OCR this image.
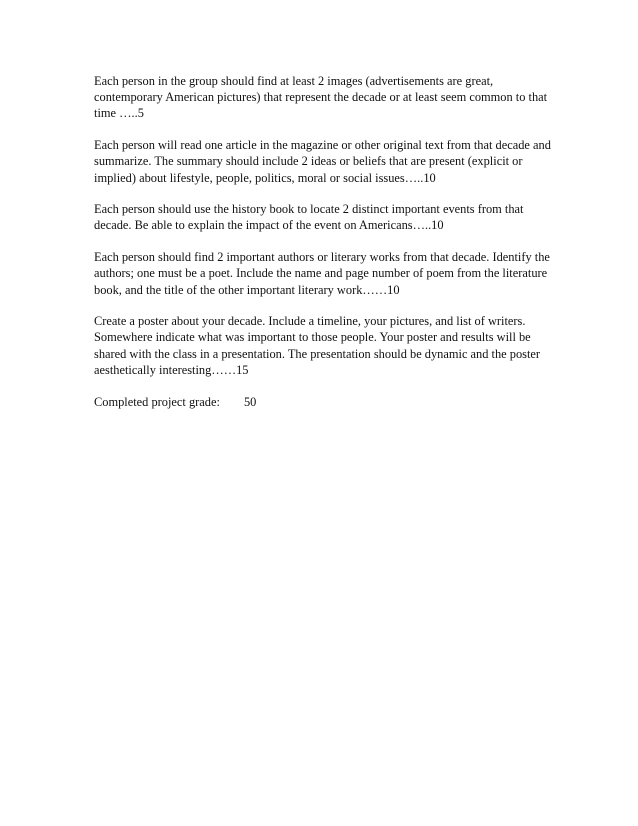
Each person in the group should find at least 2 images (advertisements are great, contemporary American pictures) that represent the decade or at least seem common to that time …..5

Each person will read one article in the magazine or other original text from that decade and summarize. The summary should include 2 ideas or beliefs that are present (explicit or implied) about lifestyle, people, politics, moral or social issues…..10

Each person should use the history book to locate 2 distinct important events from that decade. Be able to explain the impact of the event on Americans…..10

Each person should find 2 important authors or literary works from that decade. Identify the authors; one must be a poet. Include the name and page number of poem from the literature book, and the title of the other important literary work……10

Create a poster about your decade. Include a timeline, your pictures, and list of writers. Somewhere indicate what was important to those people. Your poster and results will be shared with the class in a presentation. The presentation should be dynamic and the poster aesthetically interesting……15

Completed project grade: 50
